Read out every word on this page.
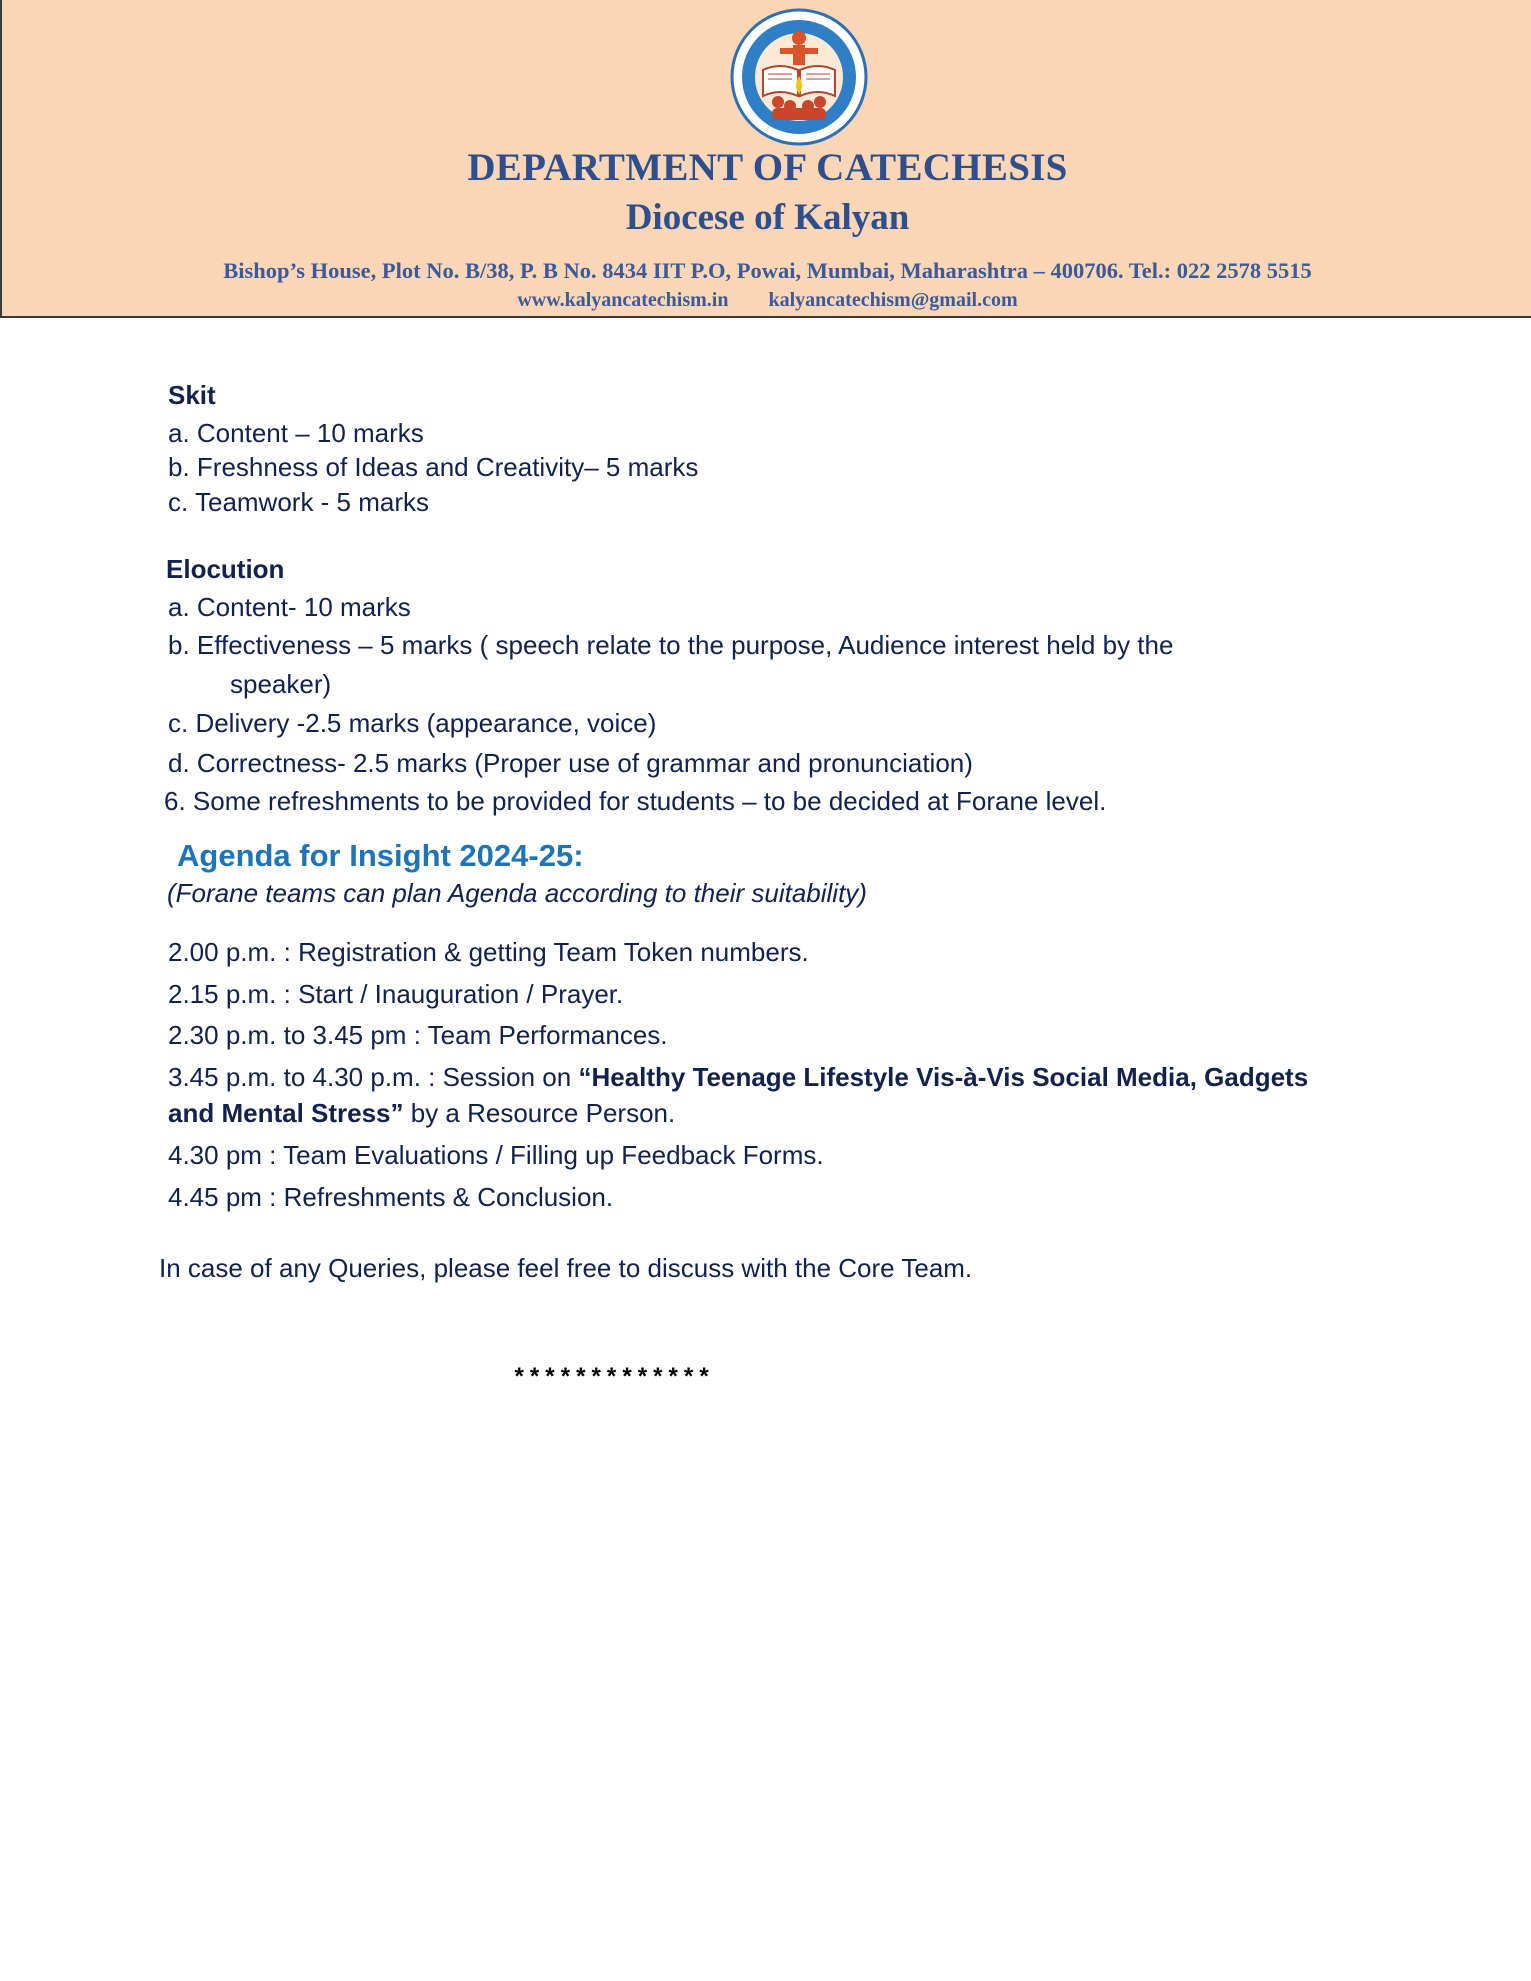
DEPARTMENT OF CATECHESIS
Diocese of Kalyan
Bishop’s House, Plot No. B/38, P. B No. 8434 IIT P.O, Powai, Mumbai, Maharashtra – 400706. Tel.: 022 2578 5515
www.kalyancatechism.in kalyancatechism@gmail.com
Skit
a. Content – 10 marks
b. Freshness of Ideas and Creativity– 5 marks
c. Teamwork - 5 marks
Elocution
a. Content- 10 marks
b. Effectiveness – 5 marks ( speech relate to the purpose, Audience interest held by the
speaker)
c. Delivery -2.5 marks (appearance, voice)
d. Correctness- 2.5 marks (Proper use of grammar and pronunciation)
6. Some refreshments to be provided for students – to be decided at Forane level.
Agenda for Insight 2024-25:
(Forane teams can plan Agenda according to their suitability)
2.00 p.m. : Registration & getting Team Token numbers.
2.15 p.m. : Start / Inauguration / Prayer.
2.30 p.m. to 3.45 pm : Team Performances.
3.45 p.m. to 4.30 p.m. : Session on “Healthy Teenage Lifestyle Vis-à-Vis Social Media, Gadgets
and Mental Stress” by a Resource Person.
4.30 pm : Team Evaluations / Filling up Feedback Forms.
4.45 pm : Refreshments & Conclusion.
In case of any Queries, please feel free to discuss with the Core Team.
*************
